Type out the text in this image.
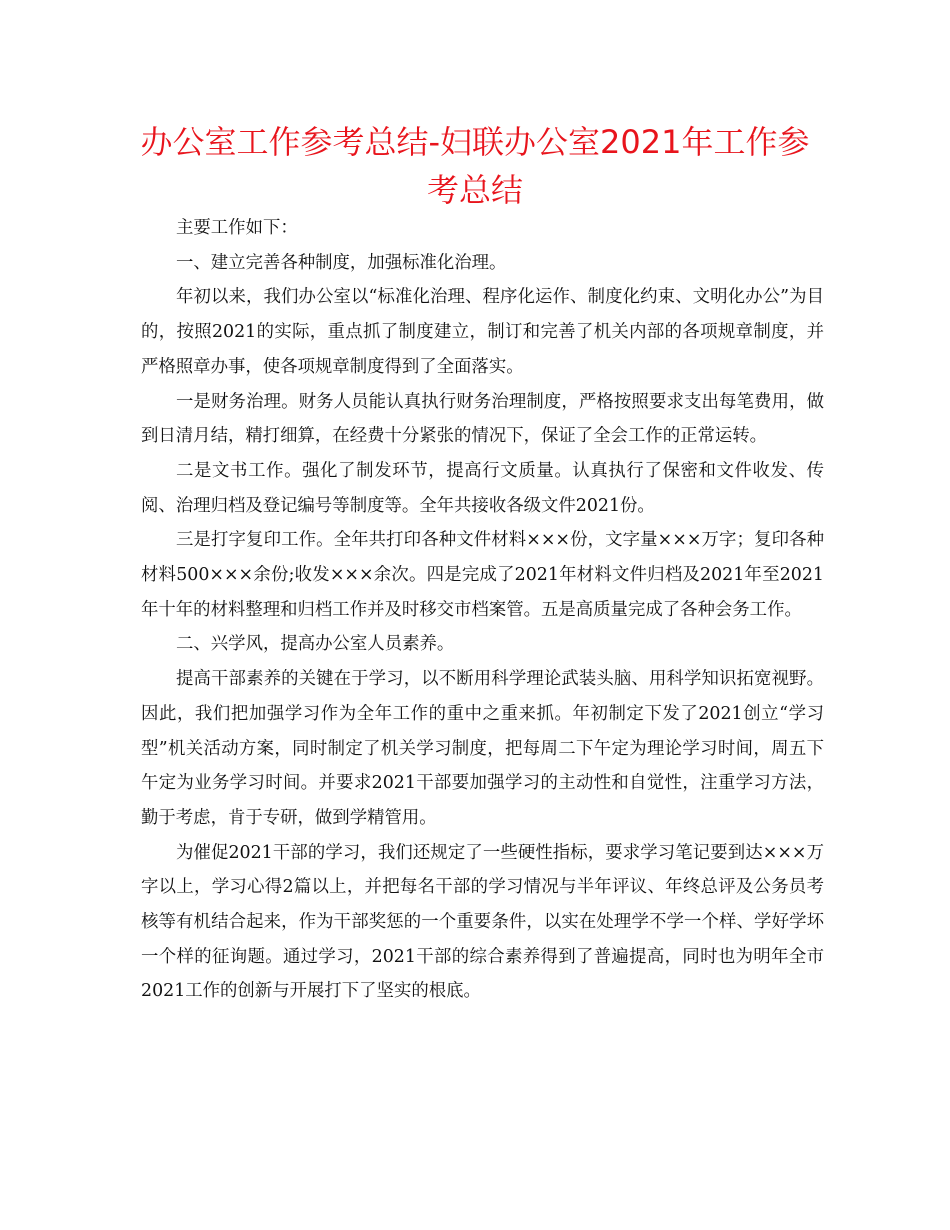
办公室工作参考总结-妇联办公室2021年工作参考总结

主要工作如下：

一、建立完善各种制度，加强标准化治理。

年初以来，我们办公室以“标准化治理、程序化运作、制度化约束、文明化办公”为目的，按照2021的实际，重点抓了制度建立，制订和完善了机关内部的各项规章制度，并严格照章办事，使各项规章制度得到了全面落实。

一是财务治理。财务人员能认真执行财务治理制度，严格按照要求支出每笔费用，做到日清月结，精打细算，在经费十分紧张的情况下，保证了全会工作的正常运转。

二是文书工作。强化了制发环节，提高行文质量。认真执行了保密和文件收发、传阅、治理归档及登记编号等制度等。全年共接收各级文件2021份。

三是打字复印工作。全年共打印各种文件材料×××份，文字量×××万字；复印各种材料500×××余份;收发×××余次。四是完成了2021年材料文件归档及2021年至2021年十年的材料整理和归档工作并及时移交市档案管。五是高质量完成了各种会务工作。

二、兴学风，提高办公室人员素养。

提高干部素养的关键在于学习，以不断用科学理论武装头脑、用科学知识拓宽视野。因此，我们把加强学习作为全年工作的重中之重来抓。年初制定下发了2021创立“学习型”机关活动方案，同时制定了机关学习制度，把每周二下午定为理论学习时间，周五下午定为业务学习时间。并要求2021干部要加强学习的主动性和自觉性，注重学习方法，勤于考虑，肯于专研，做到学精管用。

为催促2021干部的学习，我们还规定了一些硬性指标，要求学习笔记要到达×××万字以上，学习心得2篇以上，并把每名干部的学习情况与半年评议、年终总评及公务员考核等有机结合起来，作为干部奖惩的一个重要条件，以实在处理学不学一个样、学好学坏一个样的征询题。通过学习，2021干部的综合素养得到了普遍提高，同时也为明年全市2021工作的创新与开展打下了坚实的根底。
